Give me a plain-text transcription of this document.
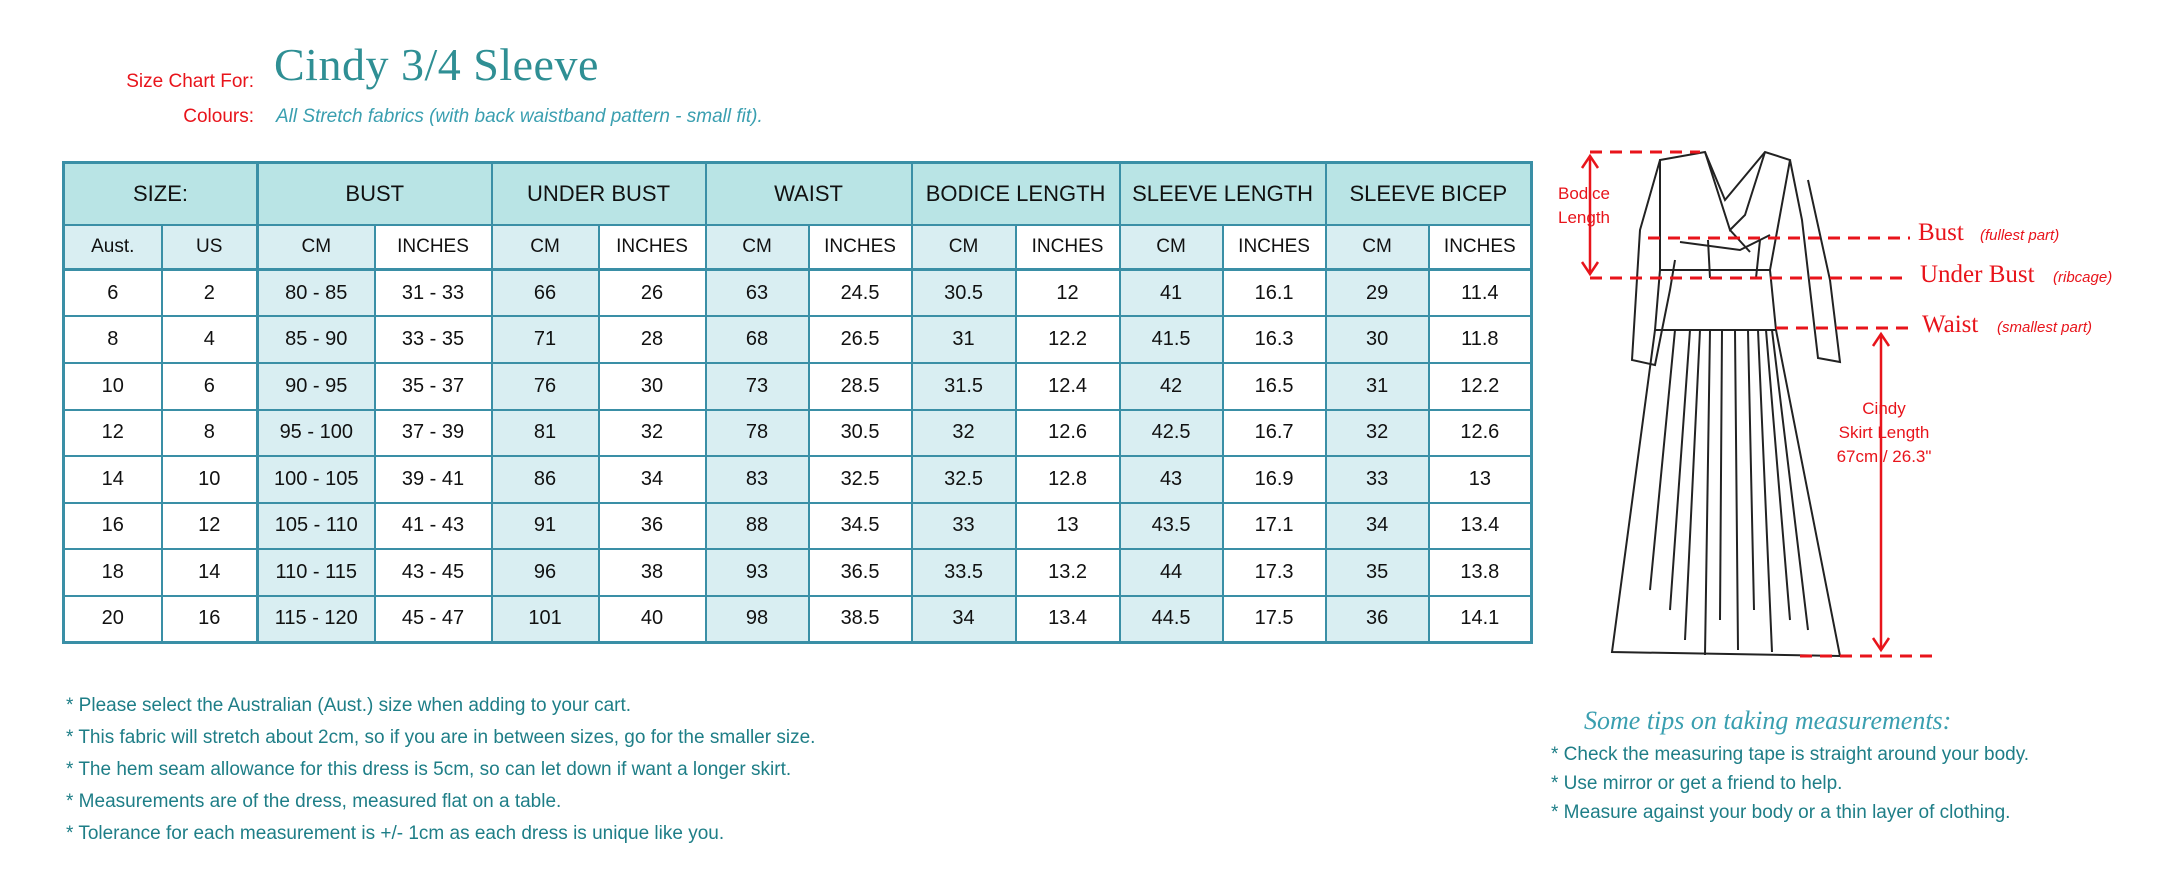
Size Chart For: Cindy 3/4 Sleeve
Colours: All Stretch fabrics (with back waistband pattern - small fit).
SIZE:		BUST		UNDER BUST		WAIST		BODICE LENGTH		SLEEVE LENGTH		SLEEVE BICEP	
Aust.	US	CM	INCHES	CM	INCHES	CM	INCHES	CM	INCHES	CM	INCHES	CM	INCHES
6	2	80 - 85	31 - 33	66	26	63	24.5	30.5	12	41	16.1	29	11.4
8	4	85 - 90	33 - 35	71	28	68	26.5	31	12.2	41.5	16.3	30	11.8
10	6	90 - 95	35 - 37	76	30	73	28.5	31.5	12.4	42	16.5	31	12.2
12	8	95 - 100	37 - 39	81	32	78	30.5	32	12.6	42.5	16.7	32	12.6
14	10	100 - 105	39 - 41	86	34	83	32.5	32.5	12.8	43	16.9	33	13
16	12	105 - 110	41 - 43	91	36	88	34.5	33	13	43.5	17.1	34	13.4
18	14	110 - 115	43 - 45	96	38	93	36.5	33.5	13.2	44	17.3	35	13.8
20	16	115 - 120	45 - 47	101	40	98	38.5	34	13.4	44.5	17.5	36	14.1
* Please select the Australian (Aust.) size when adding to your cart.
* This fabric will stretch about 2cm, so if you are in between sizes, go for the smaller size.
* The hem seam allowance for this dress is 5cm, so can let down if want a longer skirt.
* Measurements are of the dress, measured flat on a table.
* Tolerance for each measurement is +/- 1cm as each dress is unique like you.
Bodice
Length
Bust (fullest part)
Under Bust (ribcage)
Waist (smallest part)
Cindy
Skirt Length
67cm / 26.3"
Some tips on taking measurements:
* Check the measuring tape is straight around your body.
* Use mirror or get a friend to help.
* Measure against your body or a thin layer of clothing.
